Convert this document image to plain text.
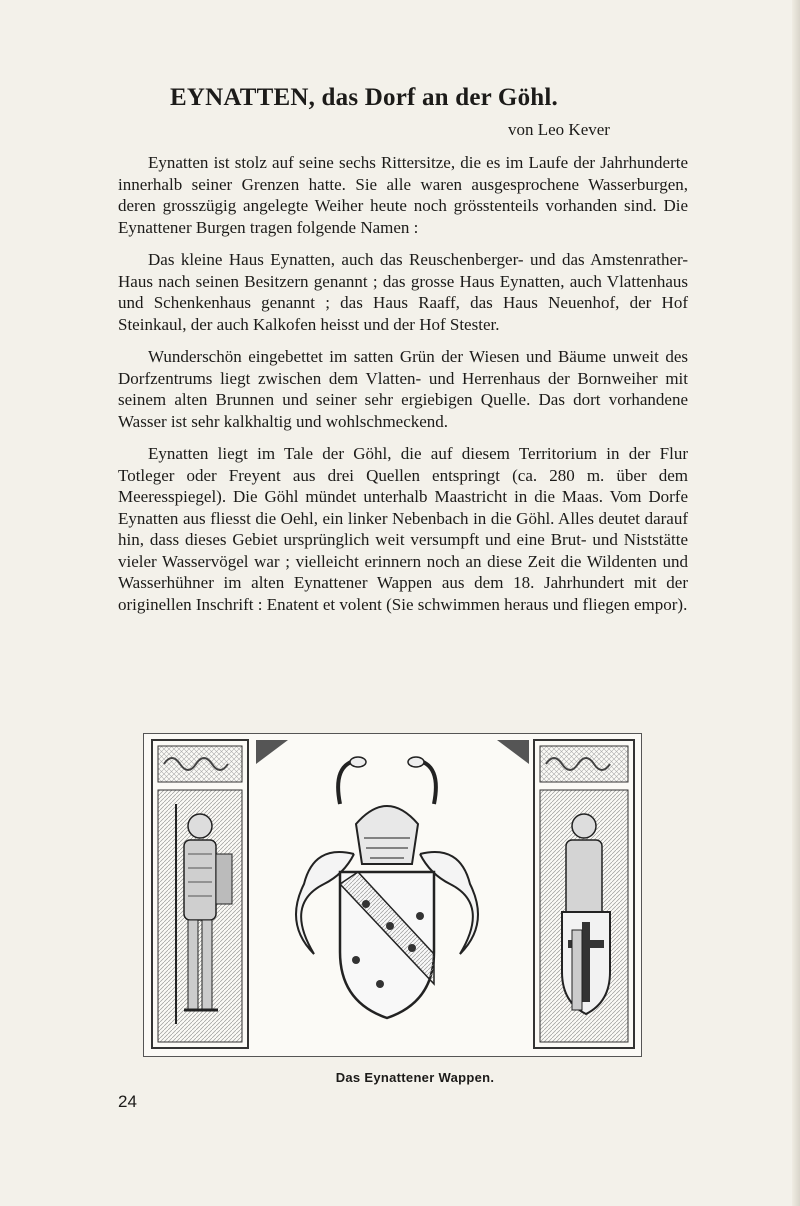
EYNATTEN, das Dorf an der Göhl.
von Leo Kever

Eynatten ist stolz auf seine sechs Rittersitze, die es im Laufe der Jahrhunderte innerhalb seiner Grenzen hatte. Sie alle waren ausgesprochene Wasserburgen, deren grosszügig angelegte Weiher heute noch grösstenteils vorhanden sind. Die Eynattener Burgen tragen folgende Namen :

Das kleine Haus Eynatten, auch das Reuschenberger- und das Amstenrather-Haus nach seinen Besitzern genannt ; das grosse Haus Eynatten, auch Vlattenhaus und Schenkenhaus genannt ; das Haus Raaff, das Haus Neuenhof, der Hof Steinkaul, der auch Kalkofen heisst und der Hof Stester.

Wunderschön eingebettet im satten Grün der Wiesen und Bäume unweit des Dorfzentrums liegt zwischen dem Vlatten- und Herrenhaus der Bornweiher mit seinem alten Brunnen und seiner sehr ergiebigen Quelle. Das dort vorhandene Wasser ist sehr kalkhaltig und wohlschmeckend.

Eynatten liegt im Tale der Göhl, die auf diesem Territorium in der Flur Totleger oder Freyent aus drei Quellen entspringt (ca. 280 m. über dem Meeresspiegel). Die Göhl mündet unterhalb Maastricht in die Maas. Vom Dorfe Eynatten aus fliesst die Oehl, ein linker Nebenbach in die Göhl. Alles deutet darauf hin, dass dieses Gebiet ursprünglich weit versumpft und eine Brut- und Niststätte vieler Wasservögel war ; vielleicht erinnern noch an diese Zeit die Wildenten und Wasserhühner im alten Eynattener Wappen aus dem 18. Jahrhundert mit der originellen Inschrift : Enatent et volent (Sie schwimmen heraus und fliegen empor).

Das Eynattener Wappen.
24
